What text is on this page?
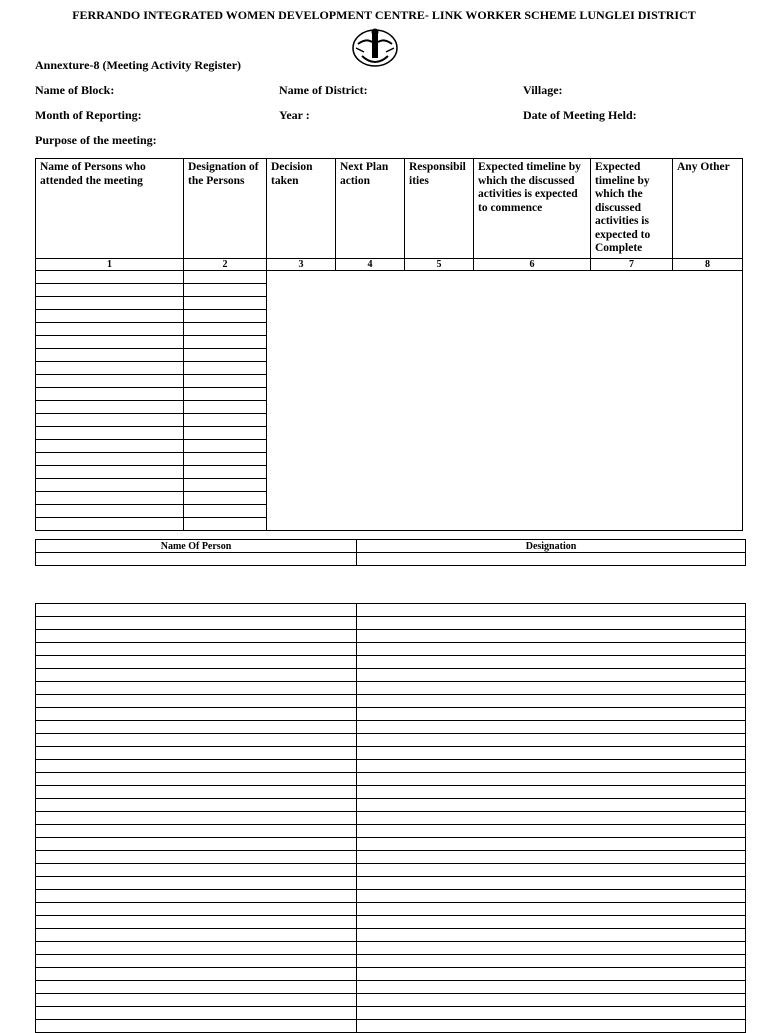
FERRANDO INTEGRATED WOMEN DEVELOPMENT CENTRE- LINK WORKER SCHEME LUNGLEI DISTRICT
Annexture-8 (Meeting Activity Register)
Name of Block:	Name of District:	Village:
Month of Reporting:	Year :	Date of Meeting Held:
Purpose of the meeting:
Name of Persons who attended the meeting	Designation of the Persons	Decision taken	Next Plan action	Responsibil ities	Expected timeline by which the discussed activities is expected to commence	Expected timeline by which the discussed activities is expected to Complete	Any Other
1	2	3	4	5	6	7	8

Name Of Person	Designation
